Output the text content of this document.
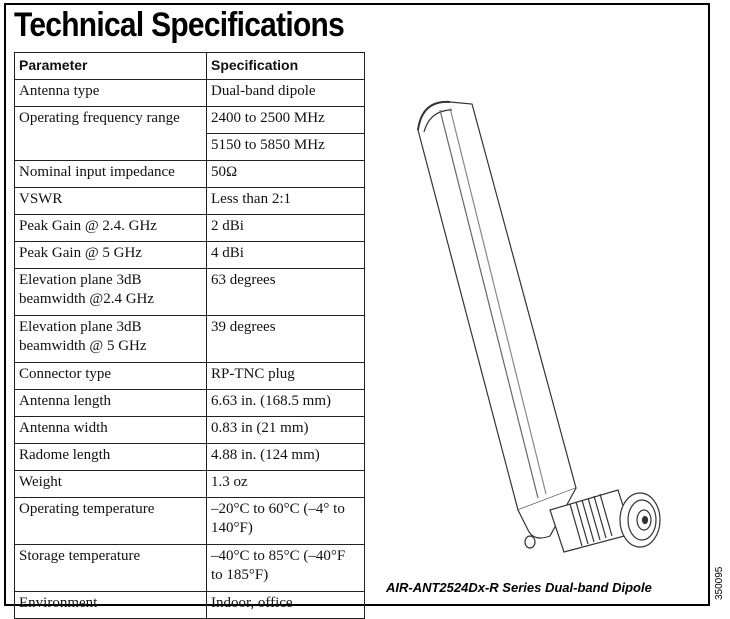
Technical Specifications
Parameter	Specification
Antenna type	Dual-band dipole
Operating frequency range	2400 to 2500 MHz
	5150 to 5850 MHz
Nominal input impedance	50Ω
VSWR	Less than 2:1
Peak Gain @ 2.4. GHz	2 dBi
Peak Gain @ 5 GHz	4 dBi
Elevation plane 3dB beamwidth @2.4 GHz	63 degrees
Elevation plane 3dB beamwidth @ 5 GHz	39 degrees
Connector type	RP-TNC plug
Antenna length	6.63 in. (168.5 mm)
Antenna width	0.83 in (21 mm)
Radome length	4.88 in. (124 mm)
Weight	1.3 oz
Operating temperature	–20°C to 60°C (–4° to 140°F)
Storage temperature	–40°C to 85°C (–40°F to 185°F)
Environment	Indoor, office
AIR-ANT2524Dx-R Series Dual-band Dipole	350095
